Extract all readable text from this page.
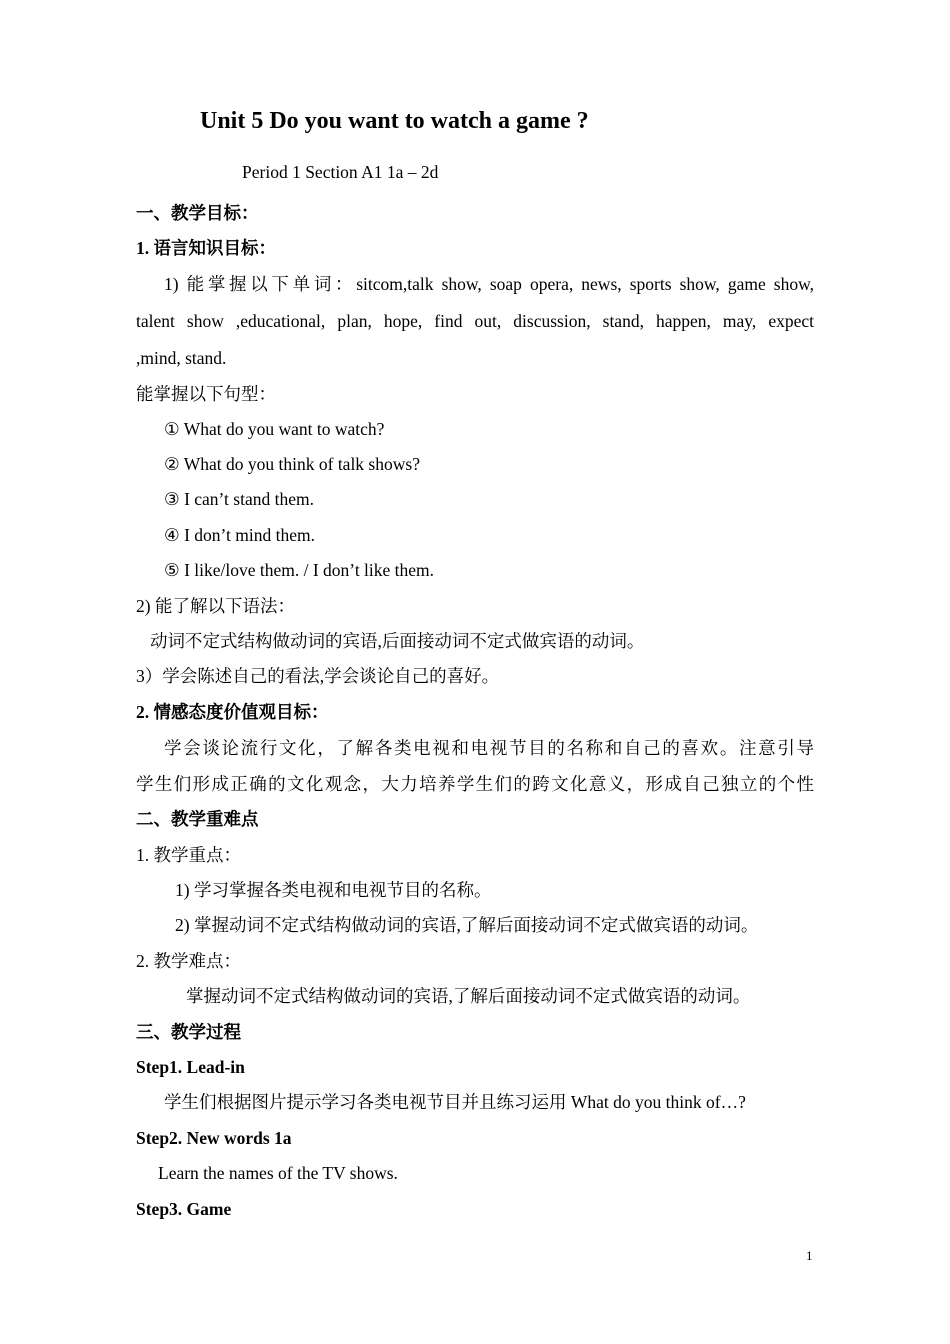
Unit 5 Do you want to watch a game ?
Period 1 Section A1 1a – 2d
一、教学目标：
1. 语言知识目标：
1) 能掌握以下单词：sitcom,talk show, soap opera, news, sports show, game show,
talent show ,educational, plan, hope, find out, discussion, stand, happen, may, expect
,mind, stand.
能掌握以下句型：
① What do you want to watch?
② What do you think of talk shows?
③ I can’t stand them.
④ I don’t mind them.
⑤ I like/love them. / I don’t like them.
2) 能了解以下语法：
动词不定式结构做动词的宾语,后面接动词不定式做宾语的动词。
3）学会陈述自己的看法,学会谈论自己的喜好。
2. 情感态度价值观目标：
学会谈论流行文化，了解各类电视和电视节目的名称和自己的喜欢。注意引导
学生们形成正确的文化观念，大力培养学生们的跨文化意义，形成自己独立的个性
二、教学重难点
1. 教学重点：
1) 学习掌握各类电视和电视节目的名称。
2) 掌握动词不定式结构做动词的宾语,了解后面接动词不定式做宾语的动词。
2. 教学难点：
掌握动词不定式结构做动词的宾语,了解后面接动词不定式做宾语的动词。
三、教学过程
Step1. Lead-in
学生们根据图片提示学习各类电视节目并且练习运用 What do you think of…?
Step2. New words 1a
Learn the names of the TV shows.
Step3. Game
1
